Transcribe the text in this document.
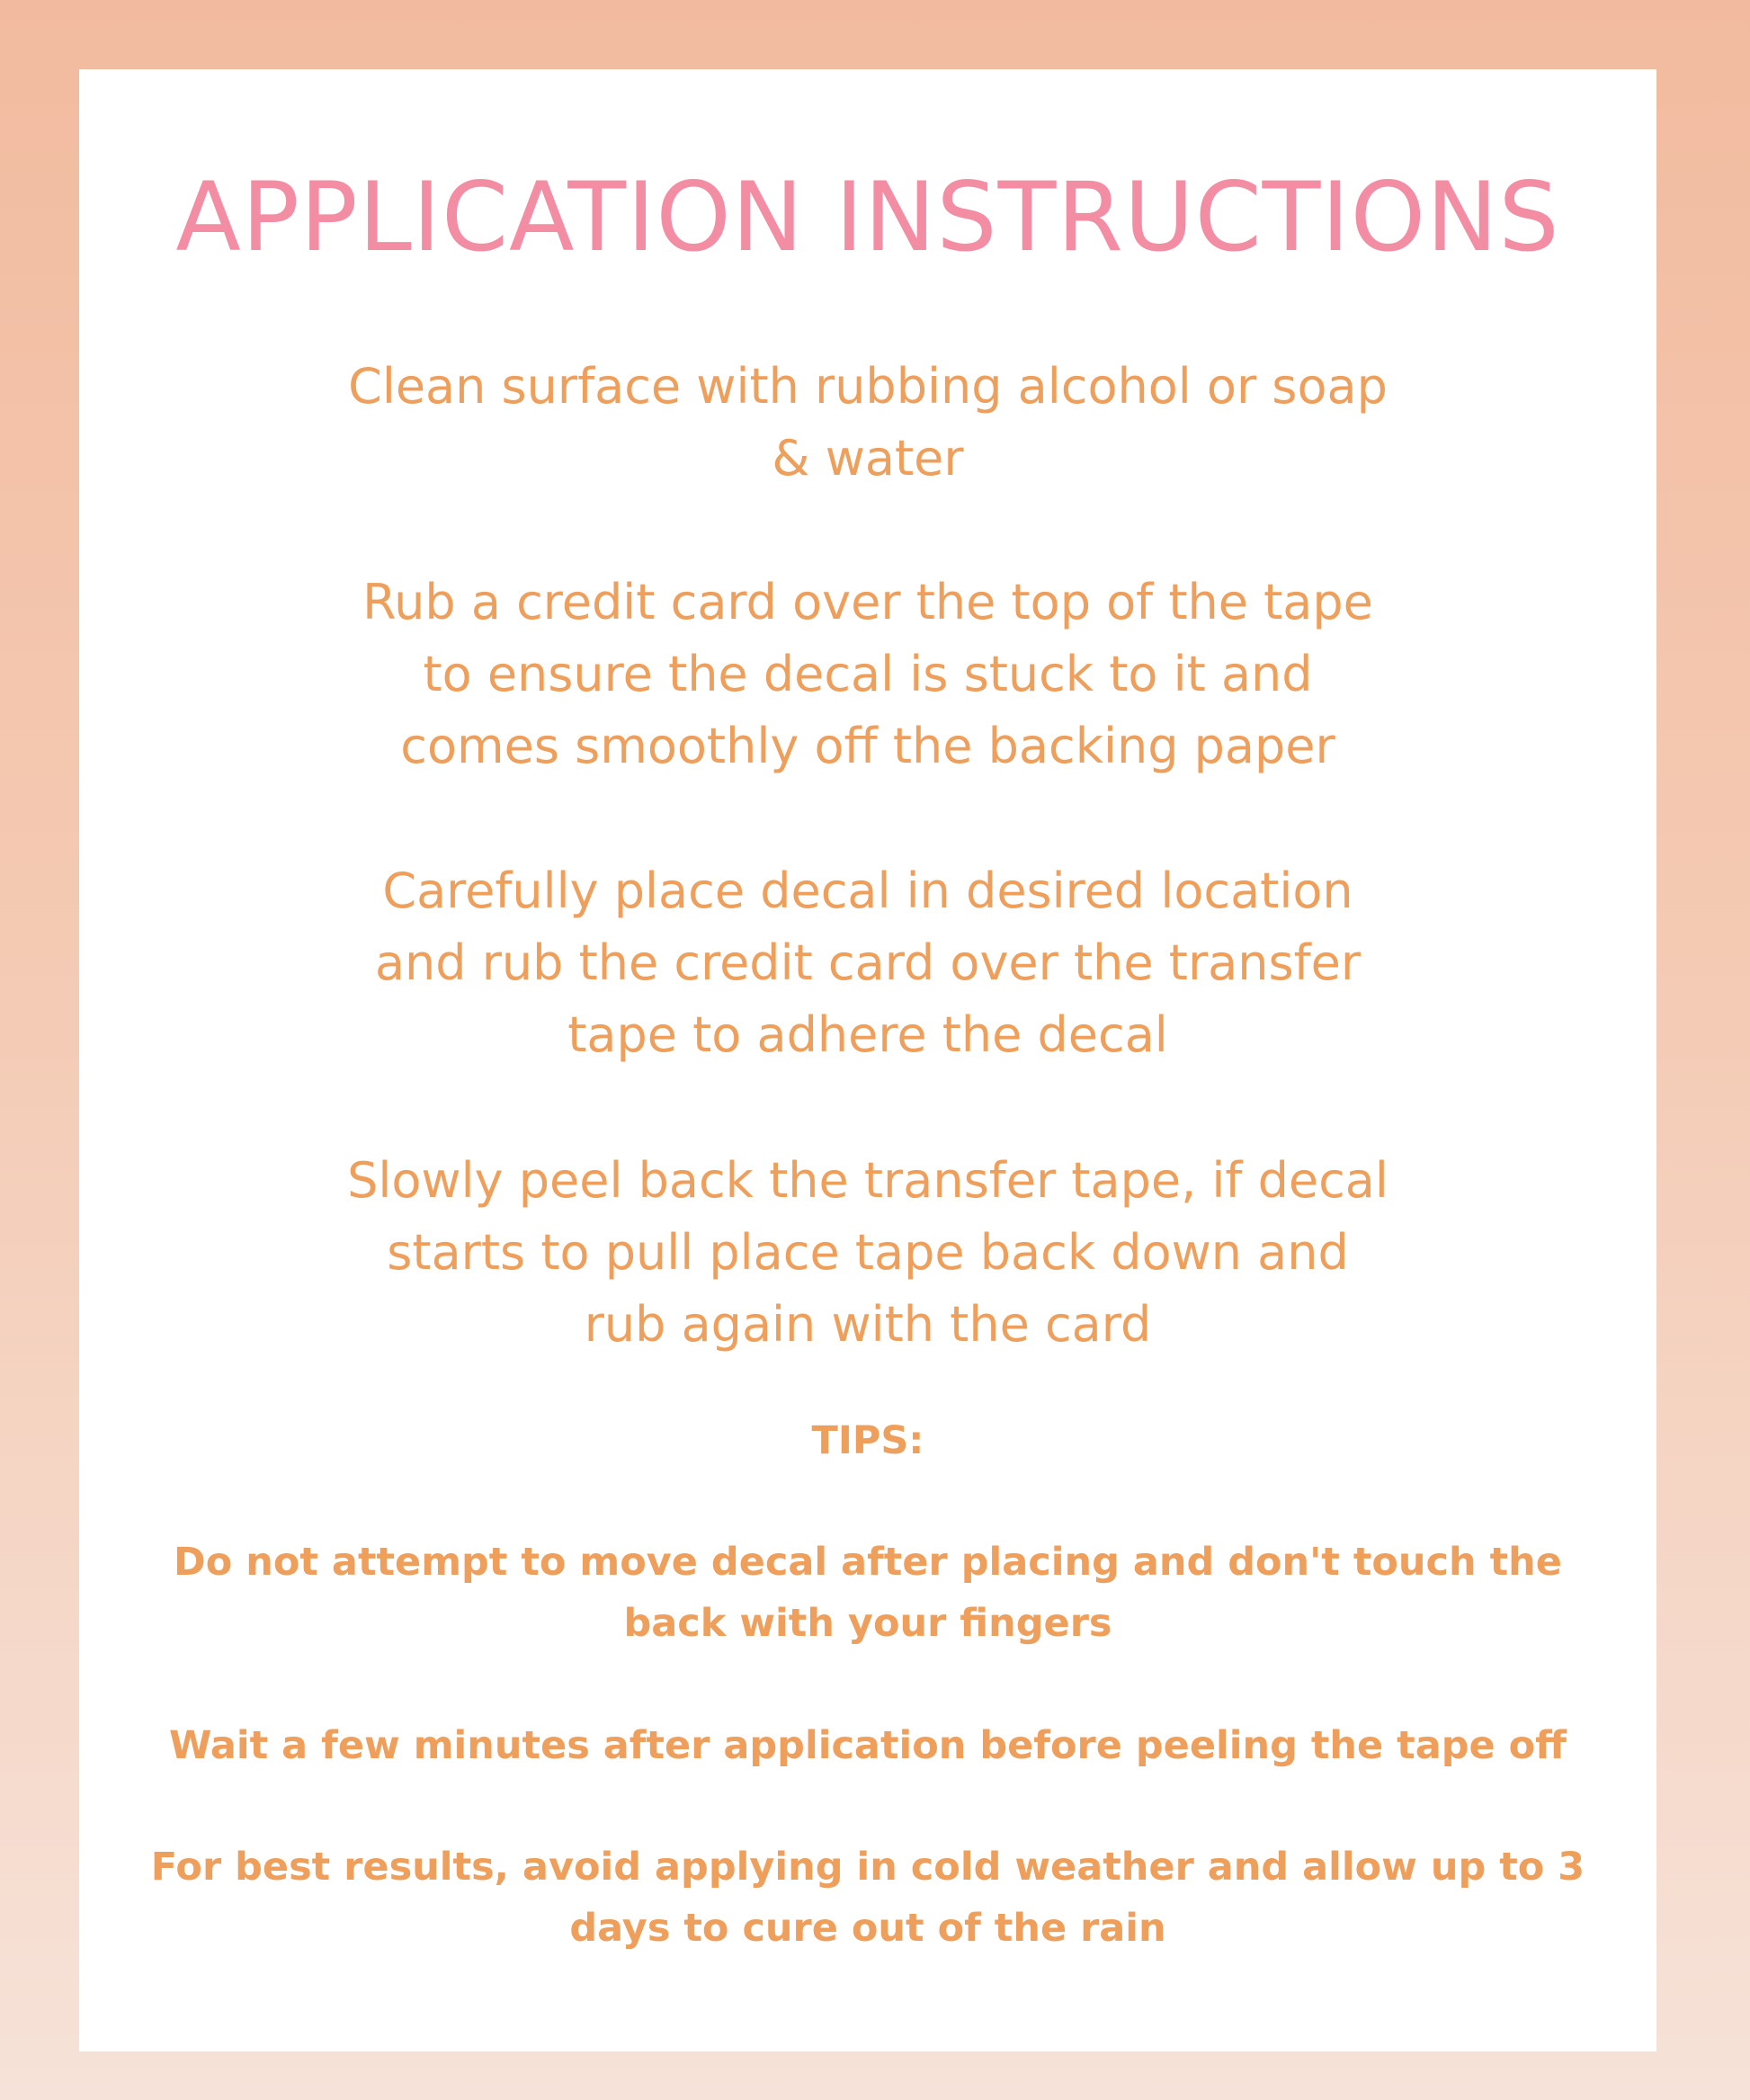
APPLICATION INSTRUCTIONS
Clean surface with rubbing alcohol or soap
& water
Rub a credit card over the top of the tape
to ensure the decal is stuck to it and
comes smoothly off the backing paper
Carefully place decal in desired location
and rub the credit card over the transfer
tape to adhere the decal
Slowly peel back the transfer tape, if decal
starts to pull place tape back down and
rub again with the card
TIPS:
Do not attempt to move decal after placing and don't touch the
back with your fingers
Wait a few minutes after application before peeling the tape off
For best results, avoid applying in cold weather and allow up to 3
days to cure out of the rain
